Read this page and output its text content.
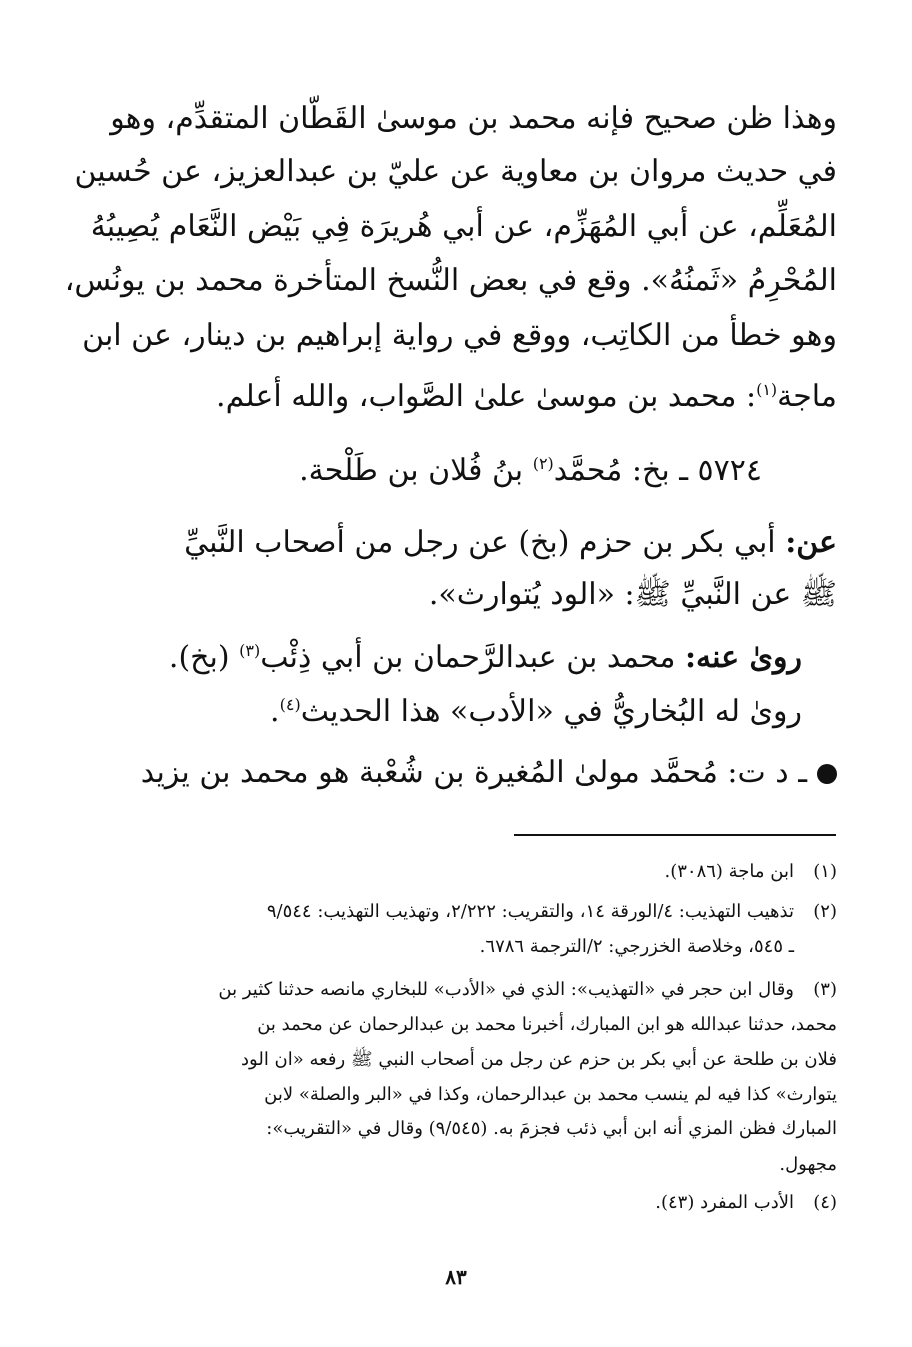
وهذا ظن صحيح فإنه محمد بن موسىٰ القَطّان المتقدِّم، وهو
في حديث مروان بن معاوية عن عليّ بن عبدالعزيز، عن حُسين
المُعَلِّم، عن أبي المُهَزِّم، عن أبي هُريرَة فِي بَيْض النَّعَام يُصِيبُهُ
المُحْرِمُ «ثَمنُهُ». وقع في بعض النُّسخ المتأخرة محمد بن يونُس،
وهو خطأ من الكاتِب، ووقع في رواية إبراهيم بن دينار، عن ابن
ماجة$^{(١)}$: محمد بن موسىٰ علىٰ الصَّواب، والله أعلم.
٥٧٢٤ ـ بخ: مُحمَّد$^{(٢)}$ بنُ فُلان بن طَلْحة.
عن: أبي بكر بن حزم (بخ) عن رجل من أصحاب النَّبيِّ
ﷺ عن النَّبيِّ ﷺ: «الود يُتوارث».
روىٰ عنه: محمد بن عبدالرَّحمان بن أبي ذِئْب$^{(٣)}$ (بخ).
روىٰ له البُخاريُّ في «الأدب» هذا الحديث$^{(٤)}$.
ـ د ت: مُحمَّد مولىٰ المُغيرة بن شُعْبة هو محمد بن يزيد
(١)
ابن ماجة (٣٠٨٦).
(٢)
تذهيب التهذيب: ٤/الورقة ١٤، والتقريب: ٢/٢٢٢، وتهذيب التهذيب: ٩/٥٤٤
ـ ٥٤٥، وخلاصة الخزرجي: ٢/الترجمة ٦٧٨٦.
(٣)
وقال ابن حجر في «التهذيب»: الذي في «الأدب» للبخاري مانصه حدثنا كثير بن
محمد، حدثنا عبدالله هو ابن المبارك، أخبرنا محمد بن عبدالرحمان عن محمد بن
فلان بن طلحة عن أبي بكر بن حزم عن رجل من أصحاب النبي ﷺ رفعه «ان الود
يتوارث» كذا فيه لم ينسب محمد بن عبدالرحمان، وكذا في «البر والصلة» لابن
المبارك فظن المزي أنه ابن أبي ذئب فجزمَ به. (٩/٥٤٥) وقال في «التقريب»:
مجهول.
(٤)
الأدب المفرد (٤٣).
٨٣
